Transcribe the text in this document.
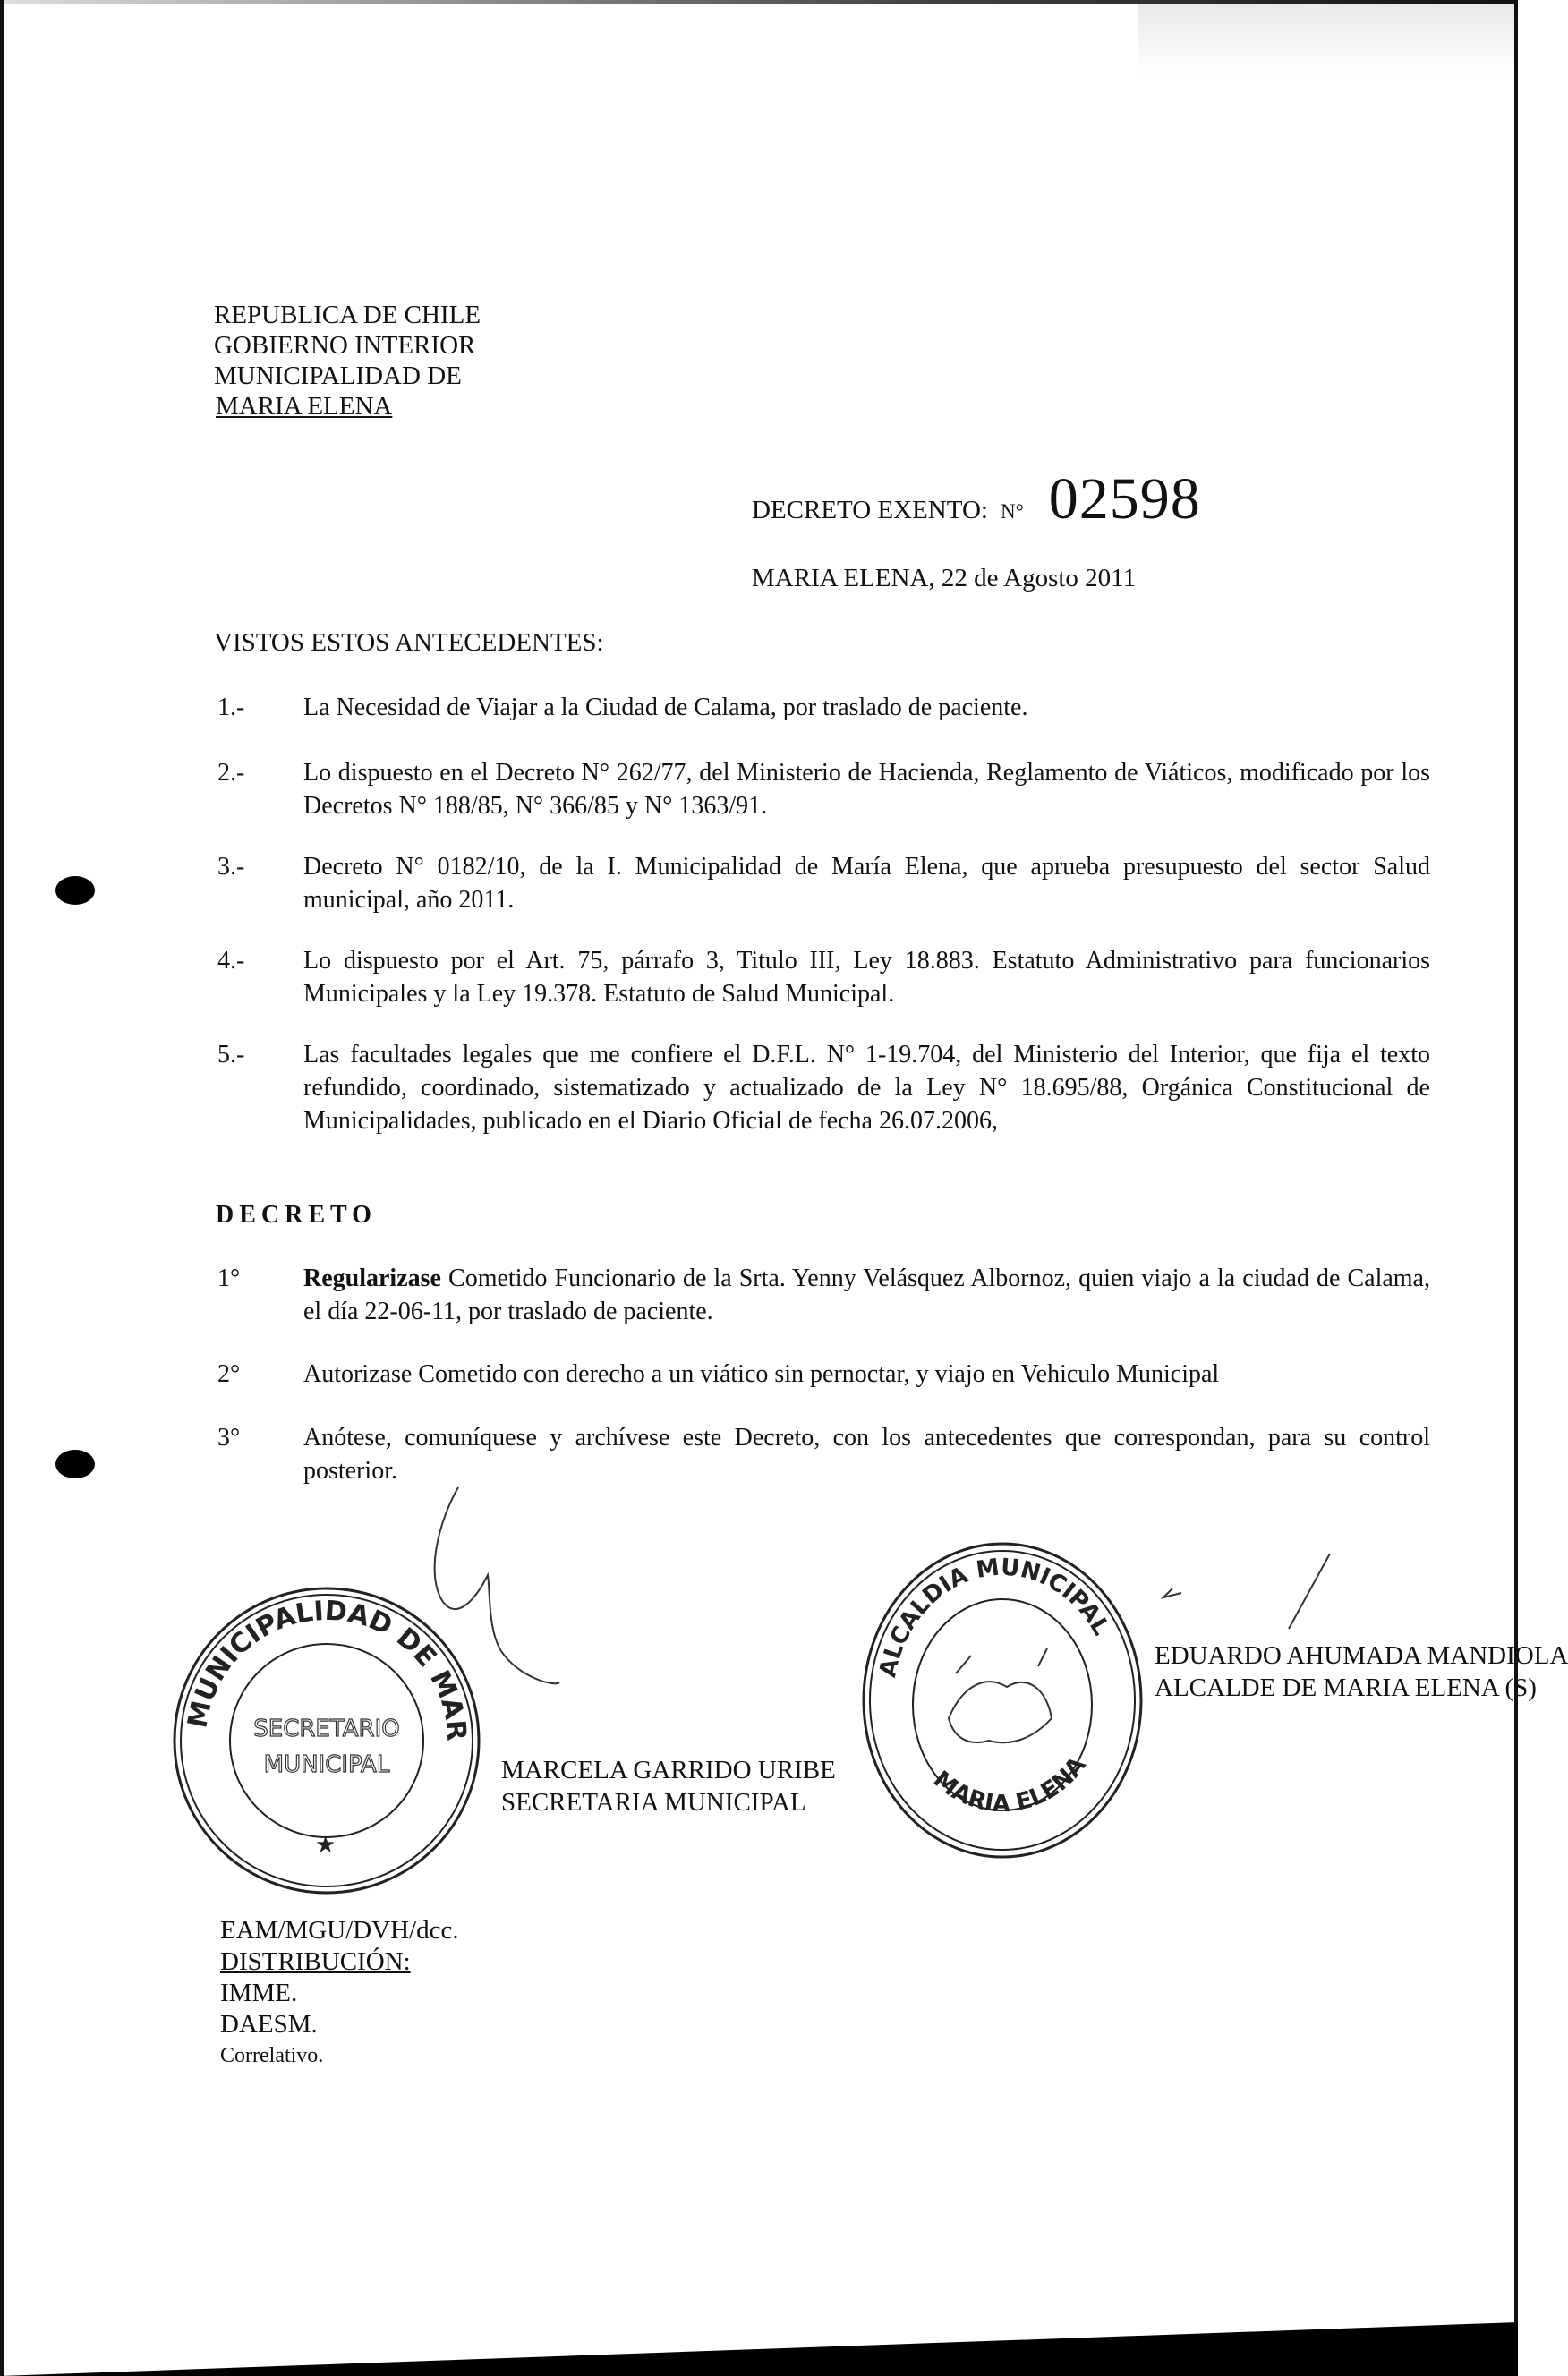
REPUBLICA DE CHILE
GOBIERNO INTERIOR
MUNICIPALIDAD DE
MARIA ELENA
DECRETO EXENTO: N° 02598
MARIA ELENA, 22 de Agosto 2011
VISTOS ESTOS ANTECEDENTES:
1.- La Necesidad de Viajar a la Ciudad de Calama, por traslado de paciente.
2.- Lo dispuesto en el Decreto N° 262/77, del Ministerio de Hacienda, Reglamento de Viáticos, modificado por los Decretos N° 188/85, N° 366/85 y N° 1363/91.
3.- Decreto N° 0182/10, de la I. Municipalidad de María Elena, que aprueba presupuesto del sector Salud municipal, año 2011.
4.- Lo dispuesto por el Art. 75, párrafo 3, Titulo III, Ley 18.883. Estatuto Administrativo para funcionarios Municipales y la Ley 19.378. Estatuto de Salud Municipal.
5.- Las facultades legales que me confiere el D.F.L. N° 1-19.704, del Ministerio del Interior, que fija el texto refundido, coordinado, sistematizado y actualizado de la Ley N° 18.695/88, Orgánica Constitucional de Municipalidades, publicado en el Diario Oficial de fecha 26.07.2006,
DECRETO
1°	Regularizase Cometido Funcionario de la Srta. Yenny Velásquez Albornoz, quien viajo a la ciudad de Calama, el día 22-06-11, por traslado de paciente.
2°	Autorizase Cometido con derecho a un viático sin pernoctar, y viajo en Vehiculo Municipal
3°	Anótese, comuníquese y archívese este Decreto, con los antecedentes que correspondan, para su control posterior.
MUNICIPALIDAD DE MARIA ELENA
SECRETARIO
MUNICIPAL
★
ALCALDIA MUNICIPAL
MARIA ELENA
MARCELA GARRIDO URIBE
SECRETARIA MUNICIPAL
EDUARDO AHUMADA MANDIOLA
ALCALDE DE MARIA ELENA (S)
EAM/MGU/DVH/dcc.
DISTRIBUCIÓN:
IMME.
DAESM.
Correlativo.
